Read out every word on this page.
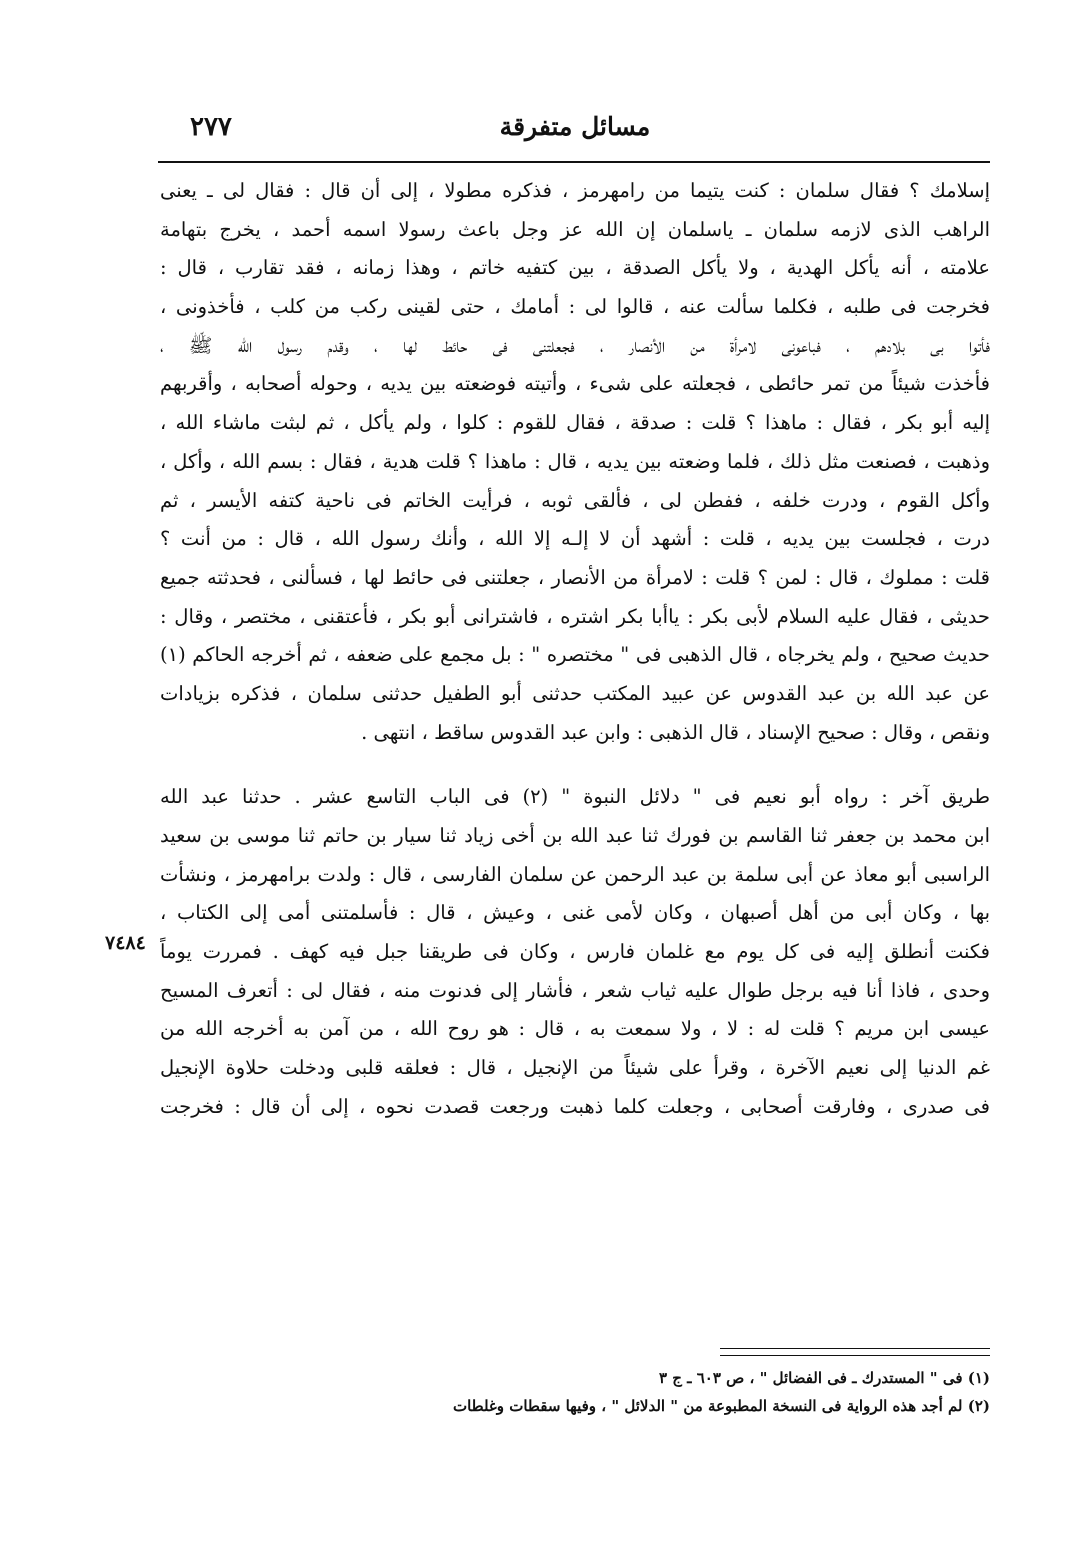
مسائل متفرقة
٢٧٧
إسلامك ؟ فقال سلمان : كنت يتيما من رامهرمز ، فذكره مطولا ، إلى أن قال : فقال لى ـ يعنى
الراهب الذى لازمه سلمان ـ ياسلمان إن الله عز وجل باعث رسولا اسمه أحمد ، يخرج بتهامة
علامته ، أنه يأكل الهدية ، ولا يأكل الصدقة ، بين كتفيه خاتم ، وهذا زمانه ، فقد تقارب ، قال :
فخرجت فى طلبه ، فكلما سألت عنه ، قالوا لى : أمامك ، حتى لقينى ركب من كلب ، فأخذونى ،
فأتوا بى بلادهم ، فباعونى لامرأة من الأنصار ، فجعلتنى فى حائط لها ، وقدم رسول الله ﷺ ،
فأخذت شيئاً من تمر حائطى ، فجعلته على شىء ، وأتيته فوضعته بين يديه ، وحوله أصحابه ، وأقربهم
إليه أبو بكر ، فقال : ماهذا ؟ قلت : صدقة ، فقال للقوم : كلوا ، ولم يأكل ، ثم لبثت ماشاء الله ،
وذهبت ، فصنعت مثل ذلك ، فلما وضعته بين يديه ، قال : ماهذا ؟ قلت هدية ، فقال : بسم الله ، وأكل ،
وأكل القوم ، ودرت خلفه ، ففطن لى ، فألقى ثوبه ، فرأيت الخاتم فى ناحية كتفه الأيسر ، ثم
درت ، فجلست بين يديه ، قلت : أشهد أن لا إلـه إلا الله ، وأنك رسول الله ، قال : من أنت ؟
قلت : مملوك ، قال : لمن ؟ قلت : لامرأة من الأنصار ، جعلتنى فى حائط لها ، فسألنى ، فحدثته جميع
حديثى ، فقال عليه السلام لأبى بكر : ياأبا بكر اشتره ، فاشترانى أبو بكر ، فأعتقنى ، مختصر ، وقال :
حديث صحيح ، ولم يخرجاه ، قال الذهبى فى " مختصره " : بل مجمع على ضعفه ، ثم أخرجه الحاكم (١)
عن عبد الله بن عبد القدوس عن عبيد المكتب حدثنى أبو الطفيل حدثنى سلمان ، فذكره بزيادات
ونقص ، وقال : صحيح الإسناد ، قال الذهبى : وابن عبد القدوس ساقط ، انتهى .
طريق آخر : رواه أبو نعيم فى " دلائل النبوة " (٢) فى الباب التاسع عشر . حدثنا عبد الله
ابن محمد بن جعفر ثنا القاسم بن فورك ثنا عبد الله بن أخى زياد ثنا سيار بن حاتم ثنا موسى بن سعيد
الراسبى أبو معاذ عن أبى سلمة بن عبد الرحمن عن سلمان الفارسى ، قال : ولدت برامهرمز ، ونشأت
بها ، وكان أبى من أهل أصبهان ، وكان لأمى غنى ، وعيش ، قال : فأسلمتنى أمى إلى الكتاب ،
فكنت أنطلق إليه فى كل يوم مع غلمان فارس ، وكان فى طريقنا جبل فيه كهف . فمررت يوماً
وحدى ، فاذا أنا فيه برجل طوال عليه ثياب شعر ، فأشار إلى فدنوت منه ، فقال لى : أتعرف المسيح
عيسى ابن مريم ؟ قلت له : لا ، ولا سمعت به ، قال : هو روح الله ، من آمن به أخرجه الله من
غم الدنيا إلى نعيم الآخرة ، وقرأ على شيئاً من الإنجيل ، قال : فعلقه قلبى ودخلت حلاوة الإنجيل
فى صدرى ، وفارقت أصحابى ، وجعلت كلما ذهبت ورجعت قصدت نحوه ، إلى أن قال : فخرجت
٧٤٨٤
(١) فى " المستدرك ـ فى الفضائل " ، ص ٦٠٣ ـ ج ٣
(٢) لم أجد هذه الرواية فى النسخة المطبوعة من " الدلائل " ، وفيها سقطات وغلطات
